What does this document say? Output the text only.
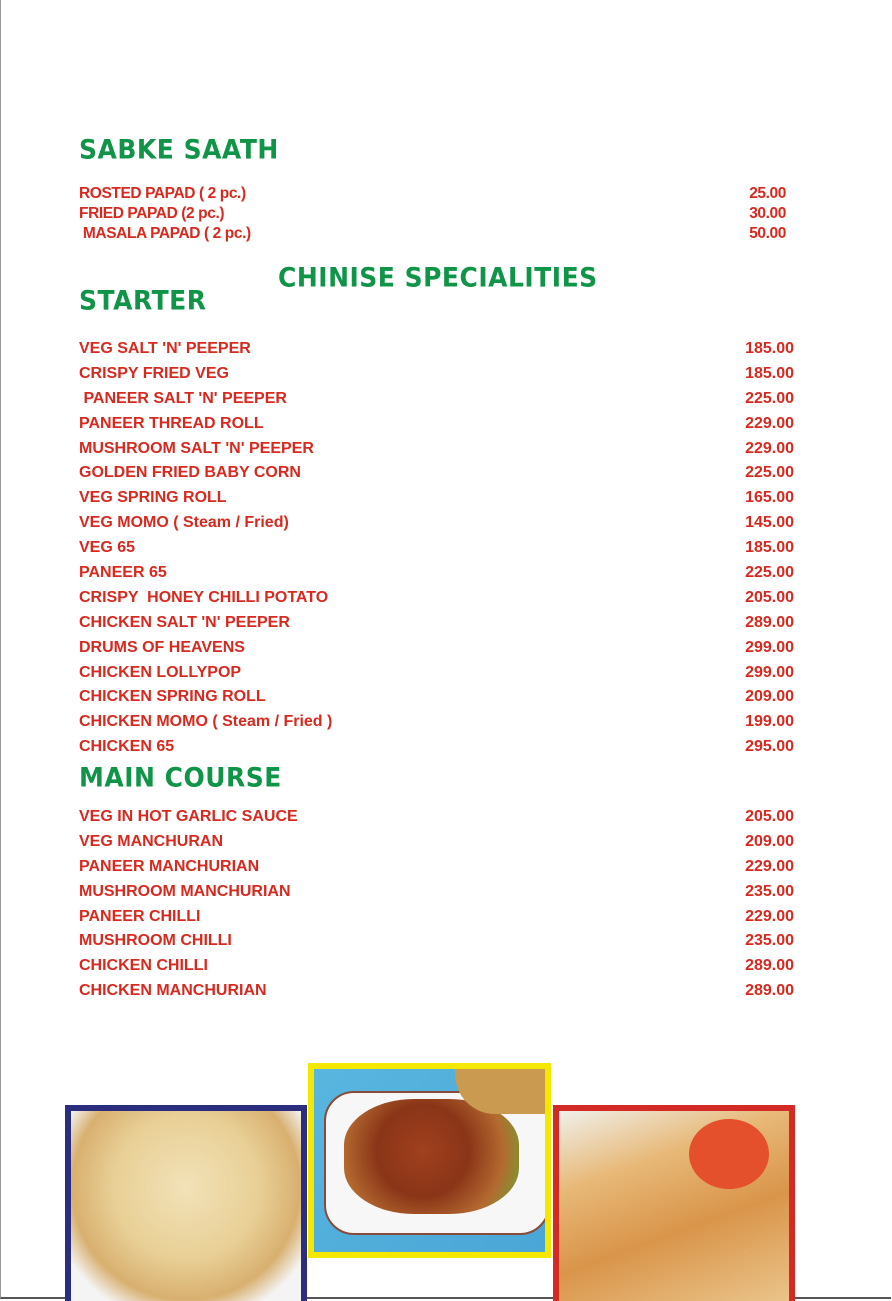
SABKE SAATH
ROSTED PAPAD ( 2 pc.)	25.00
FRIED PAPAD (2 pc.)	30.00
MASALA PAPAD ( 2 pc.)	50.00
CHINISE SPECIALITIES
STARTER
VEG SALT 'N' PEEPER	185.00
CRISPY FRIED VEG	185.00
PANEER SALT 'N' PEEPER	225.00
PANEER THREAD ROLL	229.00
MUSHROOM SALT 'N' PEEPER	229.00
GOLDEN FRIED BABY CORN	225.00
VEG SPRING ROLL	165.00
VEG MOMO ( Steam / Fried)	145.00
VEG 65	185.00
PANEER 65	225.00
CRISPY  HONEY CHILLI POTATO	205.00
CHICKEN SALT 'N' PEEPER	289.00
DRUMS OF HEAVENS	299.00
CHICKEN LOLLYPOP	299.00
CHICKEN SPRING ROLL	209.00
CHICKEN MOMO ( Steam / Fried )	199.00
CHICKEN 65	295.00
MAIN COURSE
VEG IN HOT GARLIC SAUCE	205.00
VEG MANCHURAN	209.00
PANEER MANCHURIAN	229.00
MUSHROOM MANCHURIAN	235.00
PANEER CHILLI	229.00
MUSHROOM CHILLI	235.00
CHICKEN CHILLI	289.00
CHICKEN MANCHURIAN	289.00
